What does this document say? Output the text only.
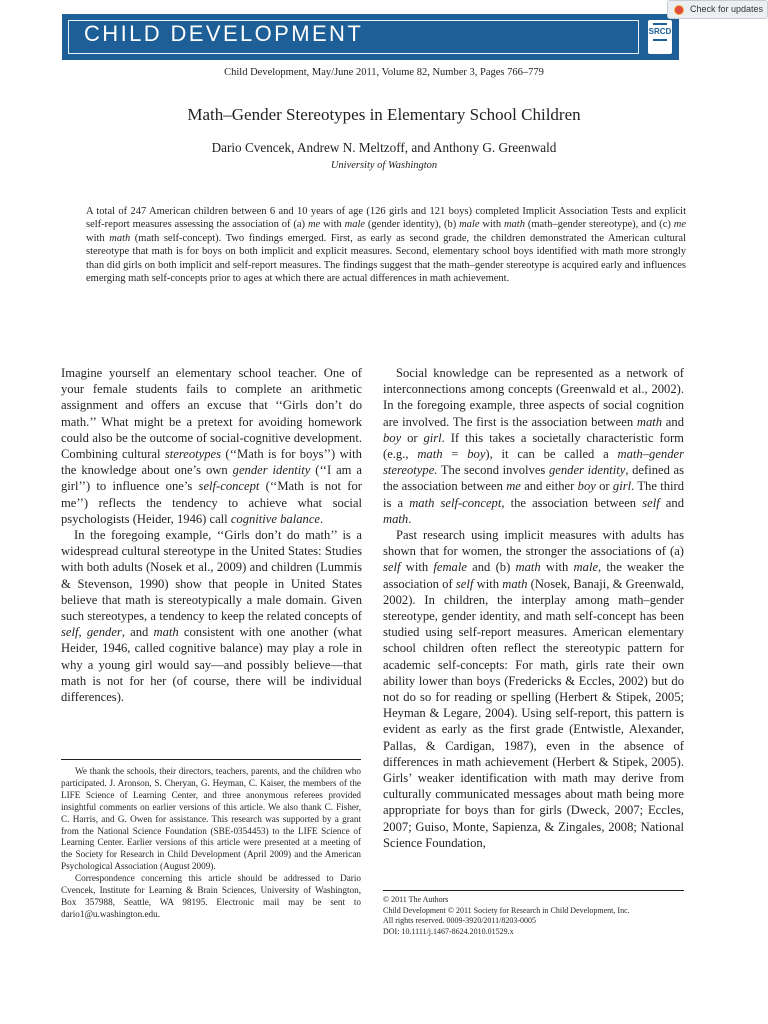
CHILD DEVELOPMENT	SRCD
Check for updates
Child Development, May/June 2011, Volume 82, Number 3, Pages 766–779
Math–Gender Stereotypes in Elementary School Children
Dario Cvencek, Andrew N. Meltzoff, and Anthony G. Greenwald
University of Washington

A total of 247 American children between 6 and 10 years of age (126 girls and 121 boys) completed Implicit Association Tests and explicit self-report measures assessing the association of (a) me with male (gender identity), (b) male with math (math–gender stereotype), and (c) me with math (math self-concept). Two findings emerged. First, as early as second grade, the children demonstrated the American cultural stereotype that math is for boys on both implicit and explicit measures. Second, elementary school boys identified with math more strongly than did girls on both implicit and self-report measures. The findings suggest that the math–gender stereotype is acquired early and influences emerging math self-concepts prior to ages at which there are actual differences in math achievement.

Imagine yourself an elementary school teacher. One of your female students fails to complete an arithmetic assignment and offers an excuse that ‘‘Girls don’t do math.’’ What might be a pretext for avoiding homework could also be the outcome of social-cognitive development. Combining cultural stereotypes (‘‘Math is for boys’’) with the knowledge about one’s own gender identity (‘‘I am a girl’’) to influence one’s self-concept (‘‘Math is not for me’’) reflects the tendency to achieve what social psychologists (Heider, 1946) call cognitive balance.

In the foregoing example, ‘‘Girls don’t do math’’ is a widespread cultural stereotype in the United States: Studies with both adults (Nosek et al., 2009) and children (Lummis & Stevenson, 1990) show that people in United States believe that math is stereotypically a male domain. Given such stereotypes, a tendency to keep the related concepts of self, gender, and math consistent with one another (what Heider, 1946, called cognitive balance) may play a role in why a young girl would say—and possibly believe—that math is not for her (of course, there will be individual differences).

Social knowledge can be represented as a network of interconnections among concepts (Greenwald et al., 2002). In the foregoing example, three aspects of social cognition are involved. The first is the association between math and boy or girl. If this takes a societally characteristic form (e.g., math = boy), it can be called a math–gender stereotype. The second involves gender identity, defined as the association between me and either boy or girl. The third is a math self-concept, the association between self and math.

Past research using implicit measures with adults has shown that for women, the stronger the associations of (a) self with female and (b) math with male, the weaker the association of self with math (Nosek, Banaji, & Greenwald, 2002). In children, the interplay among math–gender stereotype, gender identity, and math self-concept has been studied using self-report measures. American elementary school children often reflect the stereotypic pattern for academic self-concepts: For math, girls rate their own ability lower than boys (Fredericks & Eccles, 2002) but do not do so for reading or spelling (Herbert & Stipek, 2005; Heyman & Legare, 2004). Using self-report, this pattern is evident as early as the first grade (Entwistle, Alexander, Pallas, & Cardigan, 1987), even in the absence of differences in math achievement (Herbert & Stipek, 2005). Girls’ weaker identification with math may derive from culturally communicated messages about math being more appropriate for boys than for girls (Dweck, 2007; Eccles, 2007; Guiso, Monte, Sapienza, & Zingales, 2008; National Science Foundation,

We thank the schools, their directors, teachers, parents, and the children who participated. J. Aronson, S. Cheryan, G. Heyman, C. Kaiser, the members of the LIFE Science of Learning Center, and three anonymous referees provided insightful comments on earlier versions of this article. We also thank C. Fisher, C. Harris, and G. Owen for assistance. This research was supported by a grant from the National Science Foundation (SBE-0354453) to the LIFE Science of Learning Center. Earlier versions of this article were presented at a meeting of the Society for Research in Child Development (April 2009) and the American Psychological Association (August 2009).

Correspondence concerning this article should be addressed to Dario Cvencek, Institute for Learning & Brain Sciences, University of Washington, Box 357988, Seattle, WA 98195. Electronic mail may be sent to dario1@u.washington.edu.

© 2011 The Authors
Child Development © 2011 Society for Research in Child Development, Inc.
All rights reserved. 0009-3920/2011/8203-0005
DOI: 10.1111/j.1467-8624.2010.01529.x
